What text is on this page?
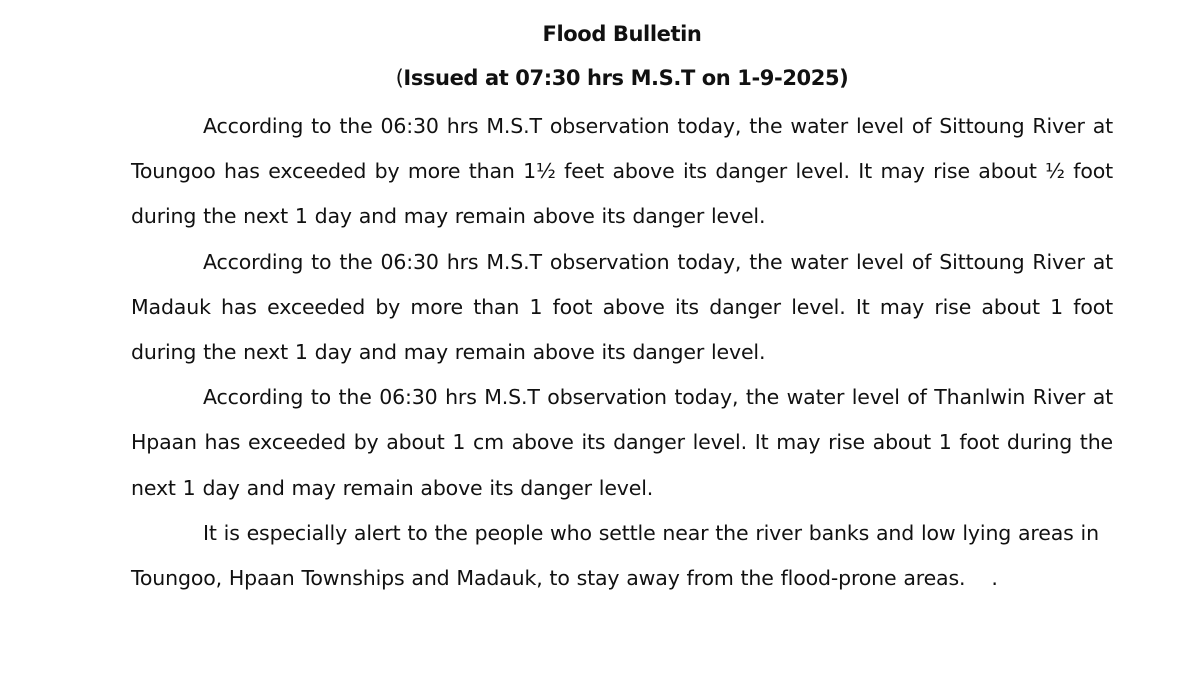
Flood Bulletin
(Issued at 07:30 hrs M.S.T on 1-9-2025)

According to the 06:30 hrs M.S.T observation today, the water level of Sittoung River at Toungoo has exceeded by more than 1½ feet above its danger level. It may rise about ½ foot during the next 1 day and may remain above its danger level.

According to the 06:30 hrs M.S.T observation today, the water level of Sittoung River at Madauk has exceeded by more than 1 foot above its danger level. It may rise about 1 foot during the next 1 day and may remain above its danger level.

According to the 06:30 hrs M.S.T observation today, the water level of Thanlwin River at Hpaan has exceeded by about 1 cm above its danger level. It may rise about 1 foot during the next 1 day and may remain above its danger level.

It is especially alert to the people who settle near the river banks and low lying areas in Toungoo, Hpaan Townships and Madauk, to stay away from the flood-prone areas. .
